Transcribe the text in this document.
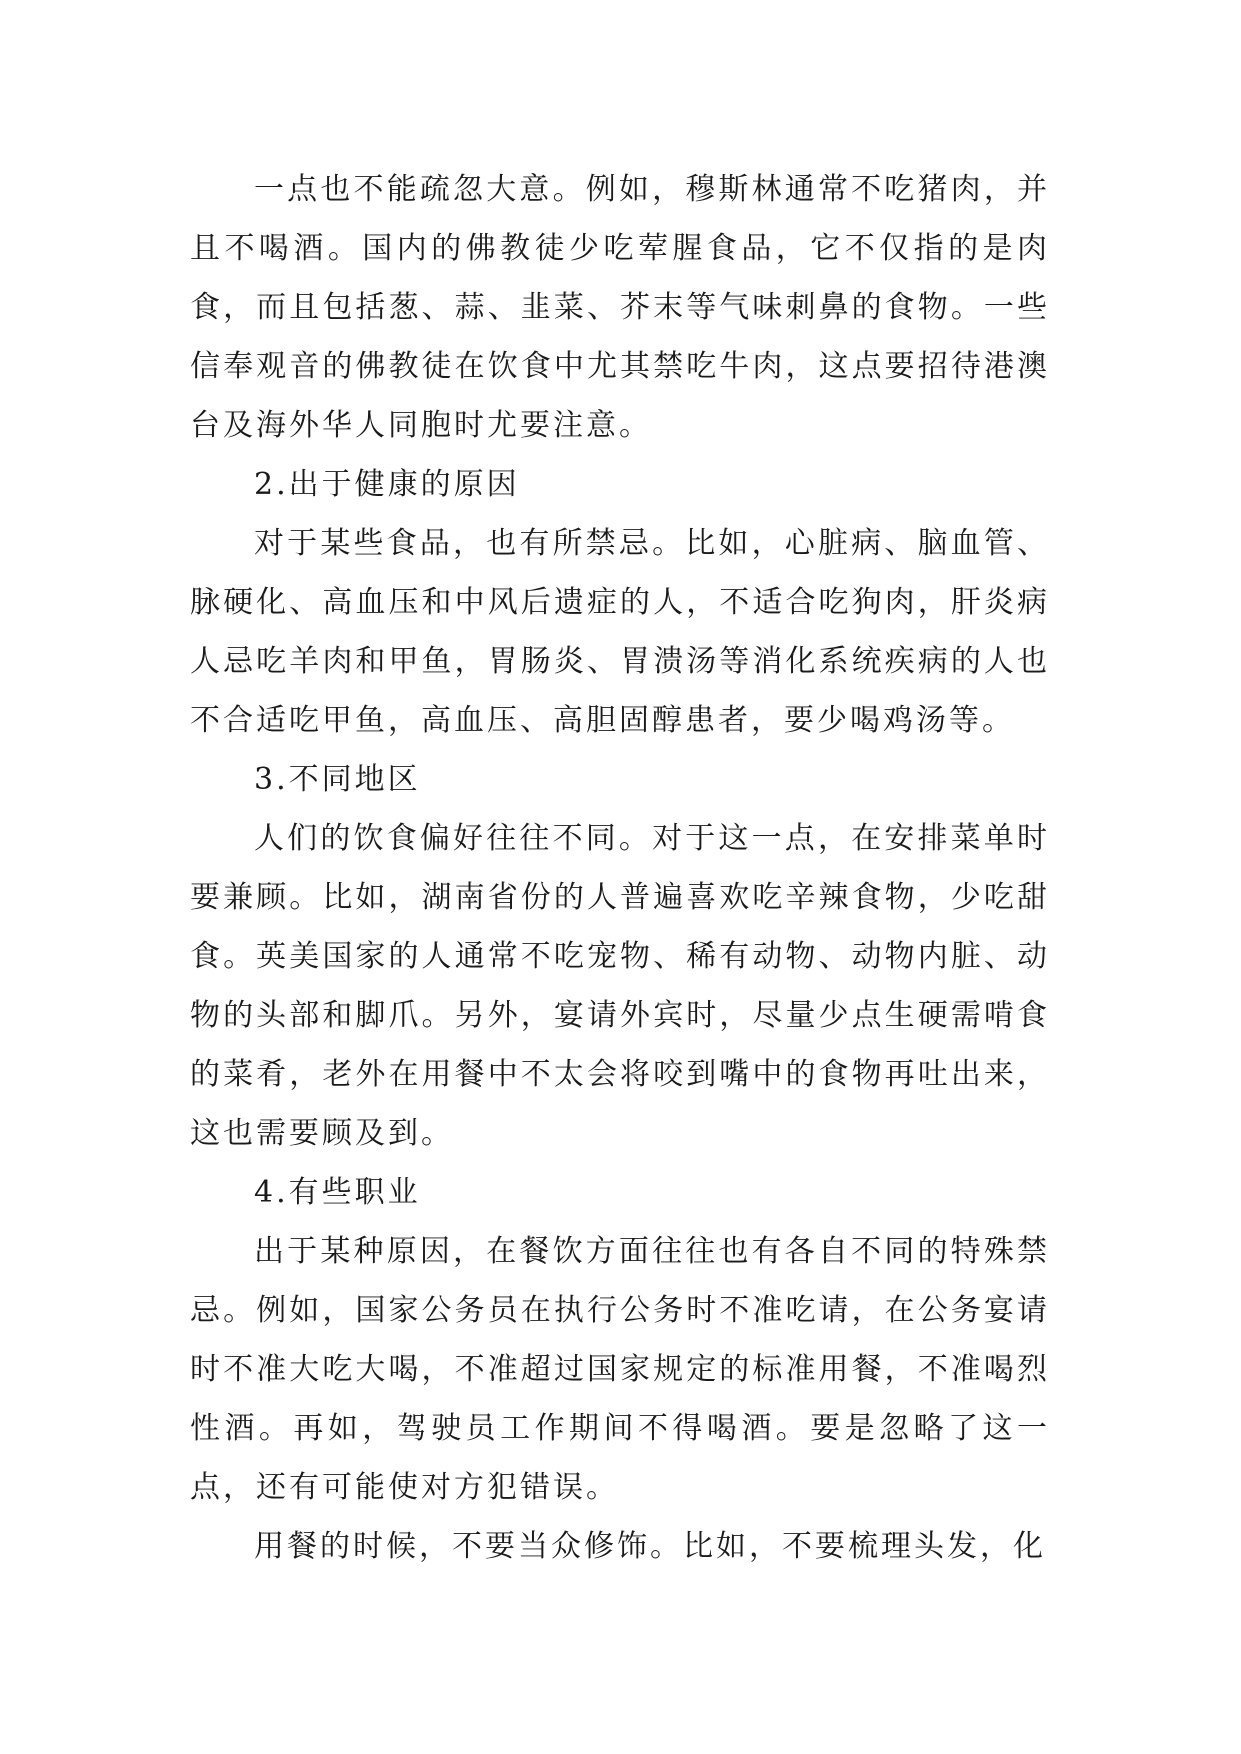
一点也不能疏忽大意。例如，穆斯林通常不吃猪肉，并且不喝酒。国内的佛教徒少吃荤腥食品，它不仅指的是肉食，而且包括葱、蒜、韭菜、芥末等气味刺鼻的食物。一些信奉观音的佛教徒在饮食中尤其禁吃牛肉，这点要招待港澳台及海外华人同胞时尤要注意。

2.出于健康的原因

对于某些食品，也有所禁忌。比如，心脏病、脑血管、脉硬化、高血压和中风后遗症的人，不适合吃狗肉，肝炎病人忌吃羊肉和甲鱼，胃肠炎、胃溃汤等消化系统疾病的人也不合适吃甲鱼，高血压、高胆固醇患者，要少喝鸡汤等。

3.不同地区

人们的饮食偏好往往不同。对于这一点，在安排菜单时要兼顾。比如，湖南省份的人普遍喜欢吃辛辣食物，少吃甜食。英美国家的人通常不吃宠物、稀有动物、动物内脏、动物的头部和脚爪。另外，宴请外宾时，尽量少点生硬需啃食的菜肴，老外在用餐中不太会将咬到嘴中的食物再吐出来，这也需要顾及到。

4.有些职业

出于某种原因，在餐饮方面往往也有各自不同的特殊禁忌。例如，国家公务员在执行公务时不准吃请，在公务宴请时不准大吃大喝，不准超过国家规定的标准用餐，不准喝烈性酒。再如，驾驶员工作期间不得喝酒。要是忽略了这一点，还有可能使对方犯错误。

用餐的时候，不要当众修饰。比如，不要梳理头发，化
